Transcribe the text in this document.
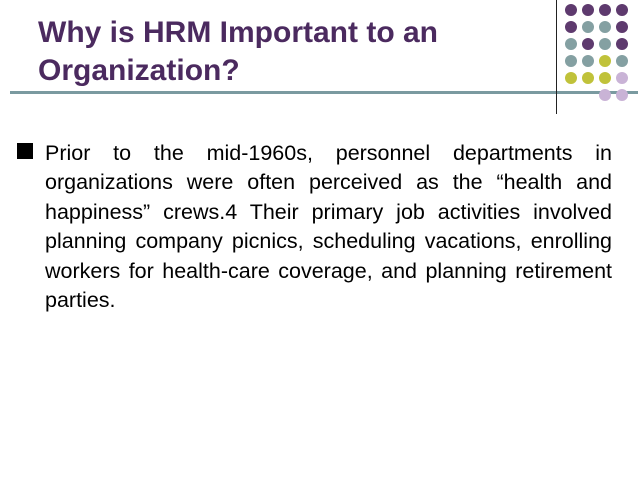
Why is HRM Important to an
Organization?

Prior to the mid-1960s, personnel departments in organizations were often perceived as the “health and happiness” crews.4 Their primary job activities involved planning company picnics, scheduling vacations, enrolling workers for health-care coverage, and planning retirement parties.
